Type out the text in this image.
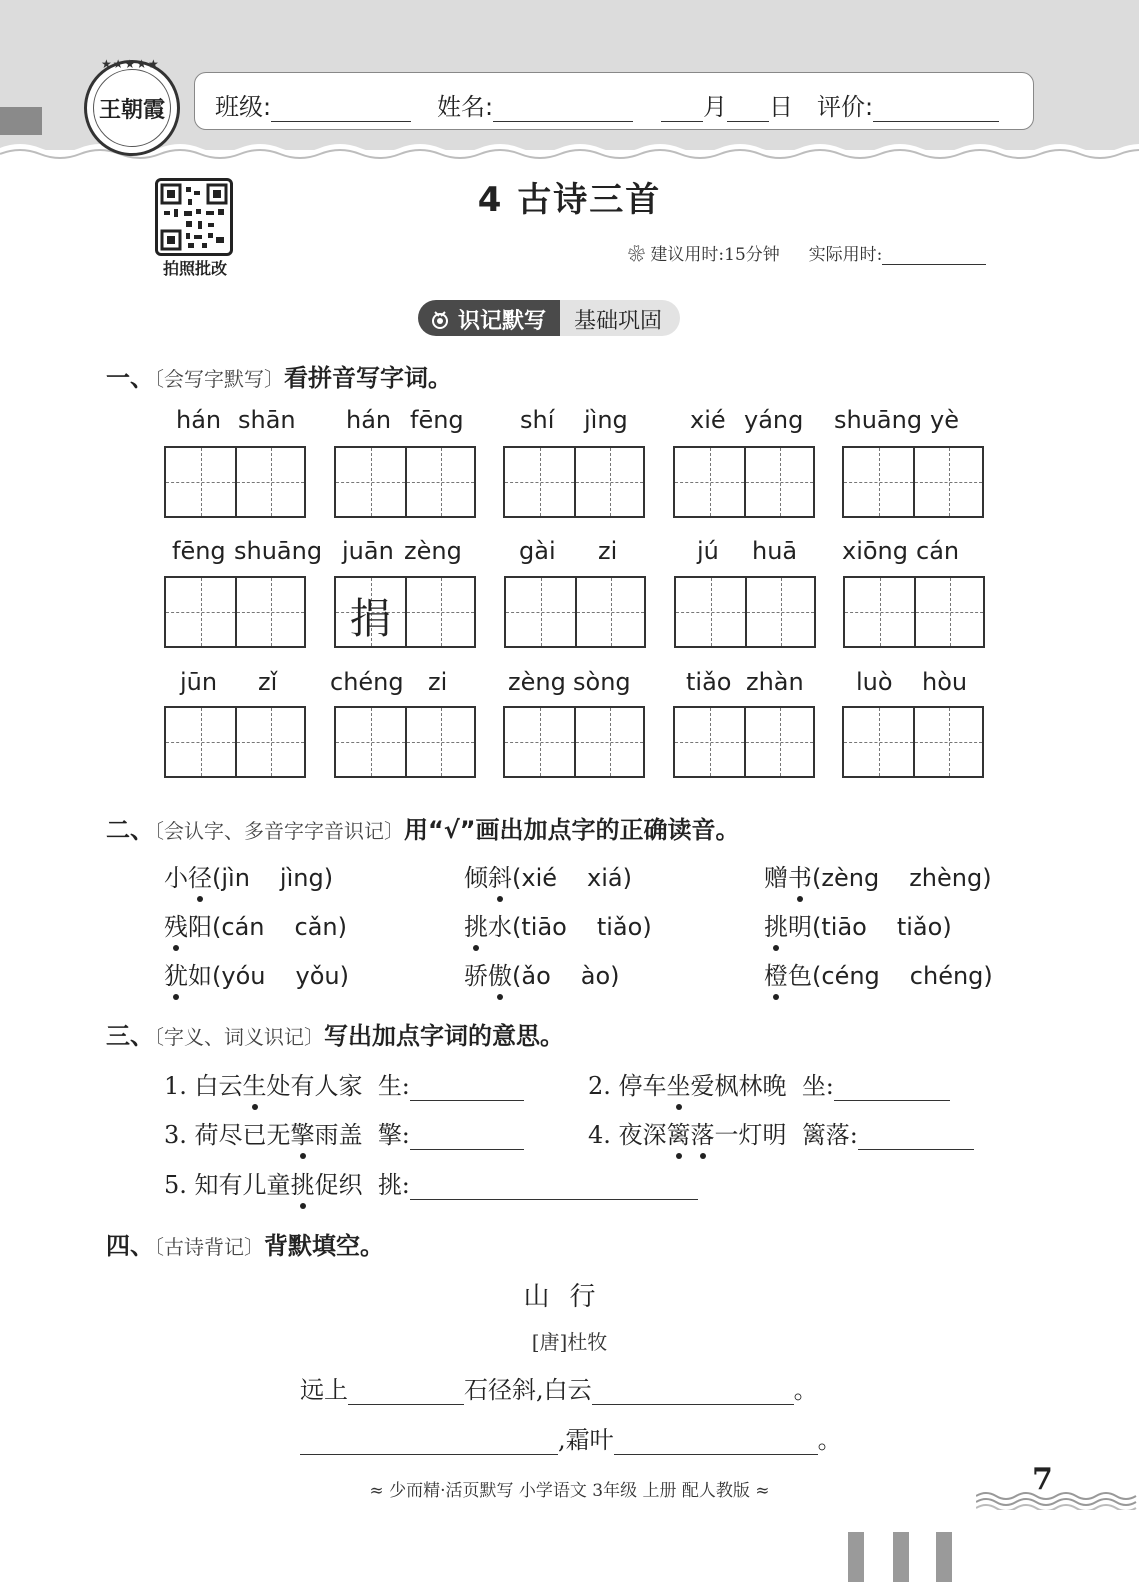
★★★★★
王朝霞 班级:	姓名:	月 日 评价:
拍照批改
4 古诗三首
❀ 建议用时:15分钟 实际用时:
识记默写	基础巩固
一、〔会写字默写〕看拼音写字词。
hán shān hán fēng shí jìng	xié yáng shuāng yè
fēng shuāng juān zèng gài zi	jú huā xiōng cán
捐
jūn zǐ chéng zi	zèng sòng tiǎo zhàn luò hòu
二、〔会认字、多音字字音识记〕用“√”画出加点字的正确读音。
小径(jìn jìng)	倾斜(xié xiá)	赠书(zèng zhèng)
残阳(cán cǎn)	挑水(tiāo tiǎo)	挑明(tiāo tiǎo)
犹如(yóu yǒu)	骄傲(ǎo ào)	橙色(céng chéng)
三、〔字义、词义识记〕写出加点字词的意思。
1. 白云生处有人家 生:	2. 停车坐爱枫林晚 坐:
3. 荷尽已无擎雨盖 擎:	4. 夜深篱落一灯明 篱落:
5. 知有儿童挑促织 挑:
四、〔古诗背记〕背默填空。
山行
[唐]杜牧
远上	石径斜,白云	。
,霜叶	。
≈ 少而精·活页默写 小学语文 3年级 上册 配人教版 ≈	7
